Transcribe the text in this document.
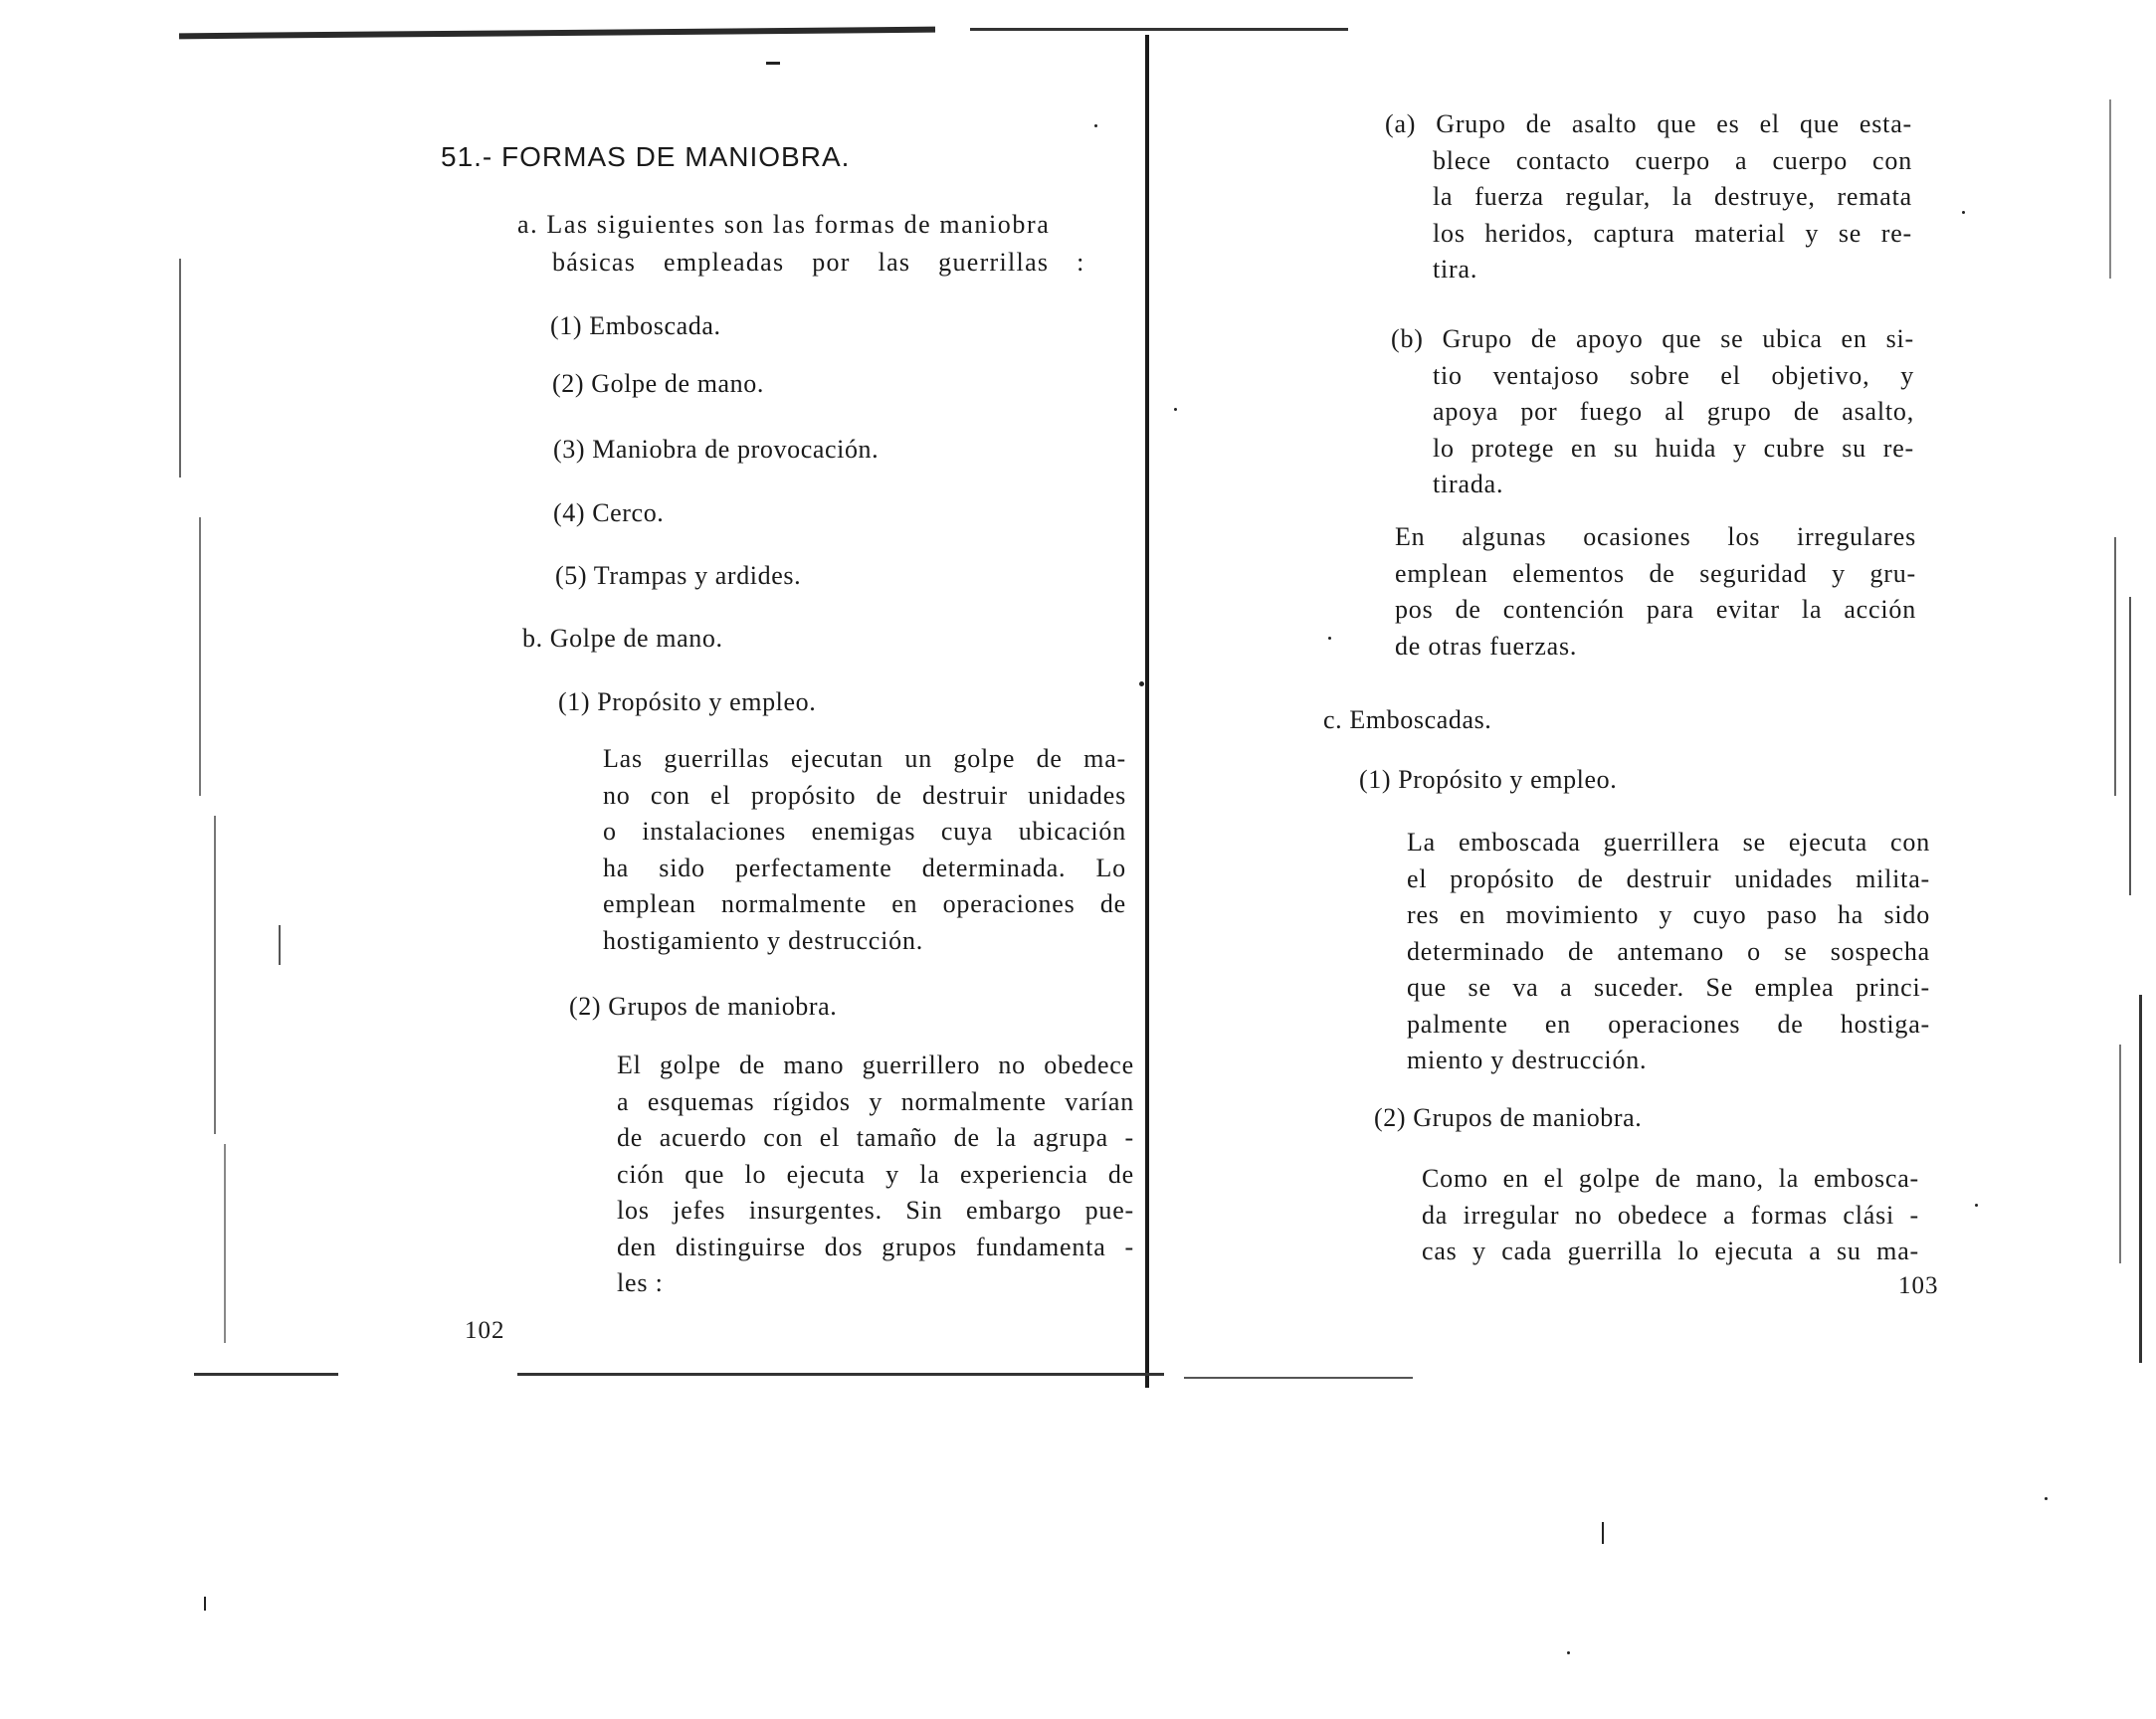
51.- FORMAS DE MANIOBRA.
a. Las siguientes son las formas de maniobra
básicas empleadas por las guerrillas :
(1) Emboscada.
(2) Golpe de mano.
(3) Maniobra de provocación.
(4) Cerco.
(5) Trampas y ardides.
b. Golpe de mano.
(1) Propósito y empleo.
Las guerrillas ejecutan un golpe de ma-
no con el propósito de destruir unidades
o instalaciones enemigas cuya ubicación
ha sido perfectamente determinada. Lo
emplean normalmente en operaciones de
hostigamiento y destrucción.
(2) Grupos de maniobra.
El golpe de mano guerrillero no obedece
a esquemas rígidos y normalmente varían
de acuerdo con el tamaño de la agrupa -
ción que lo ejecuta y la experiencia de
los jefes insurgentes. Sin embargo pue-
den distinguirse dos grupos fundamenta -
les :
102
(a) Grupo de asalto que es el que esta-
blece contacto cuerpo a cuerpo con
la fuerza regular, la destruye, remata
los heridos, captura material y se re-
tira.
(b) Grupo de apoyo que se ubica en si-
tio ventajoso sobre el objetivo, y
apoya por fuego al grupo de asalto,
lo protege en su huida y cubre su re-
tirada.
En algunas ocasiones los irregulares
emplean elementos de seguridad y gru-
pos de contención para evitar la acción
de otras fuerzas.
c. Emboscadas.
(1) Propósito y empleo.
La emboscada guerrillera se ejecuta con
el propósito de destruir unidades milita-
res en movimiento y cuyo paso ha sido
determinado de antemano o se sospecha
que se va a suceder. Se emplea princi-
palmente en operaciones de hostiga-
miento y destrucción.
(2) Grupos de maniobra.
Como en el golpe de mano, la embosca-
da irregular no obedece a formas clási -
cas y cada guerrilla lo ejecuta a su ma-
103
